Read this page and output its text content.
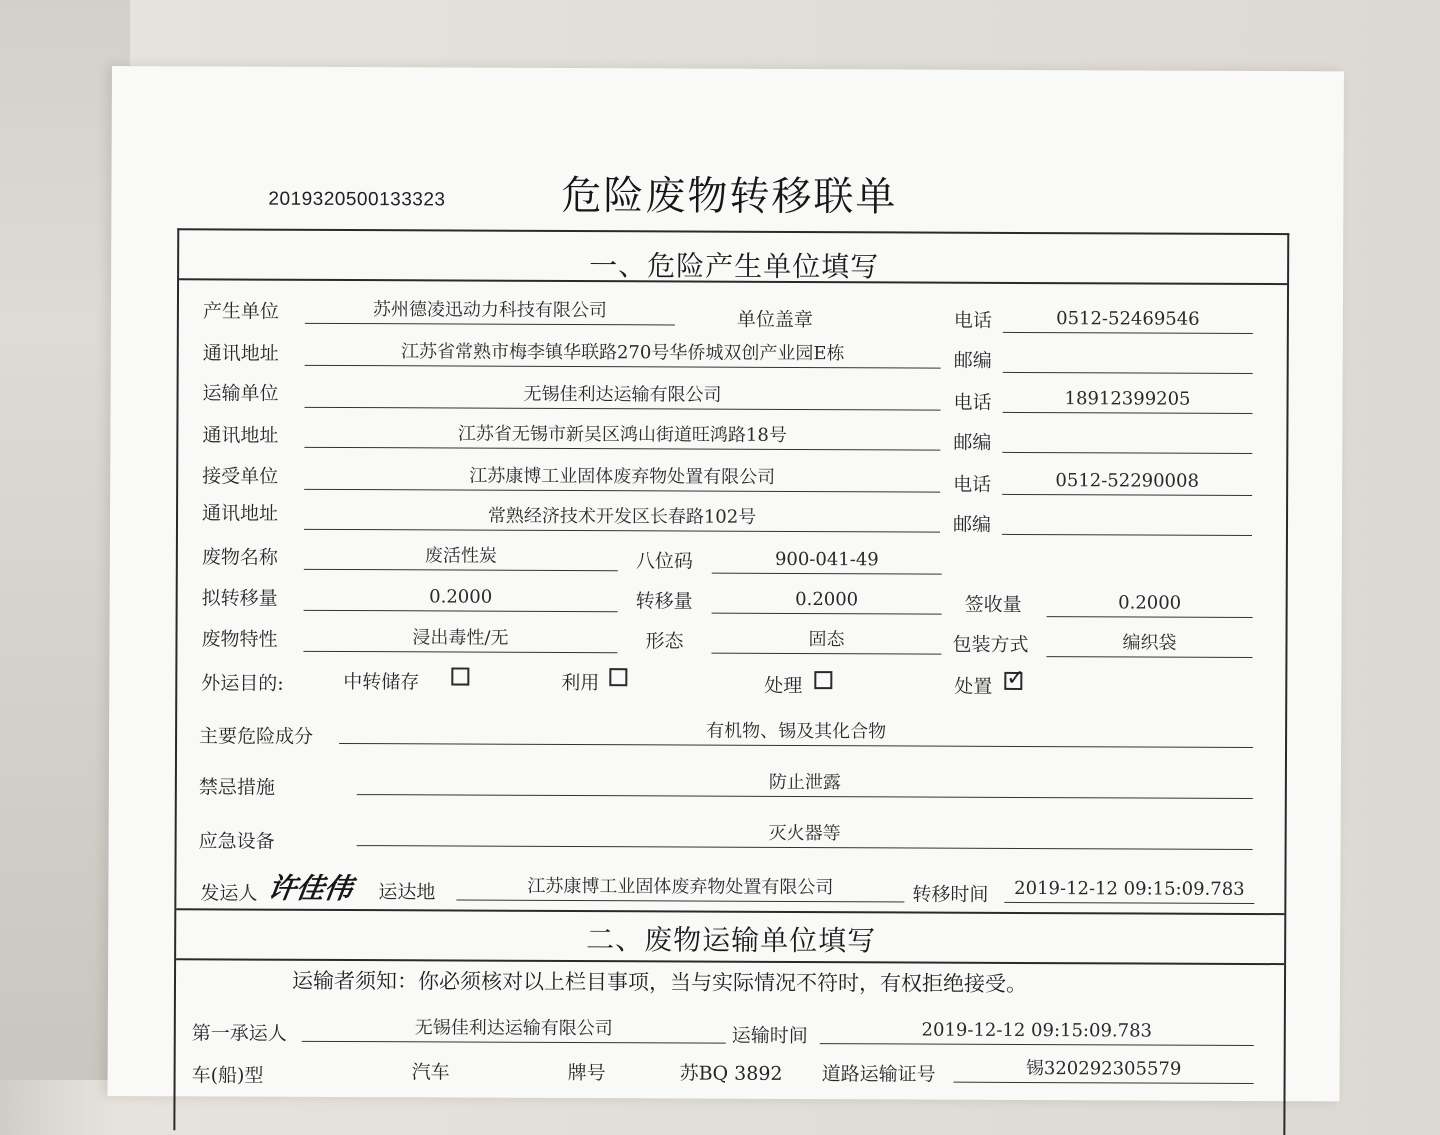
2019320500133323	危险废物转移联单
一、危险产生单位填写
产生单位	苏州德凌迅动力科技有限公司	单位盖章	电话	0512-52469546
通讯地址	江苏省常熟市梅李镇华联路270号华侨城双创产业园E栋	邮编
运输单位	无锡佳利达运输有限公司	电话	18912399205
通讯地址	江苏省无锡市新吴区鸿山街道旺鸿路18号	邮编
接受单位	江苏康博工业固体废弃物处置有限公司	电话	0512-52290008
通讯地址	常熟经济技术开发区长春路102号	邮编
废物名称	废活性炭	八位码	900-041-49
拟转移量	0.2000	转移量	0.2000	签收量	0.2000
废物特性	浸出毒性/无	形态	固态	包装方式	编织袋
外运目的:	中转储存	利用	处理	处置 ✓
主要危险成分	有机物、锡及其化合物
禁忌措施	防止泄露
应急设备	灭火器等
发运人 许佳伟 运达地	江苏康博工业固体废弃物处置有限公司	转移时间	2019-12-12 09:15:09.783
二、废物运输单位填写
运输者须知：你必须核对以上栏目事项，当与实际情况不符时，有权拒绝接受。
第一承运人	无锡佳利达运输有限公司	运输时间	2019-12-12 09:15:09.783
车(船)型	汽车	牌号	苏BQ 3892 道路运输证号	锡320292305579
